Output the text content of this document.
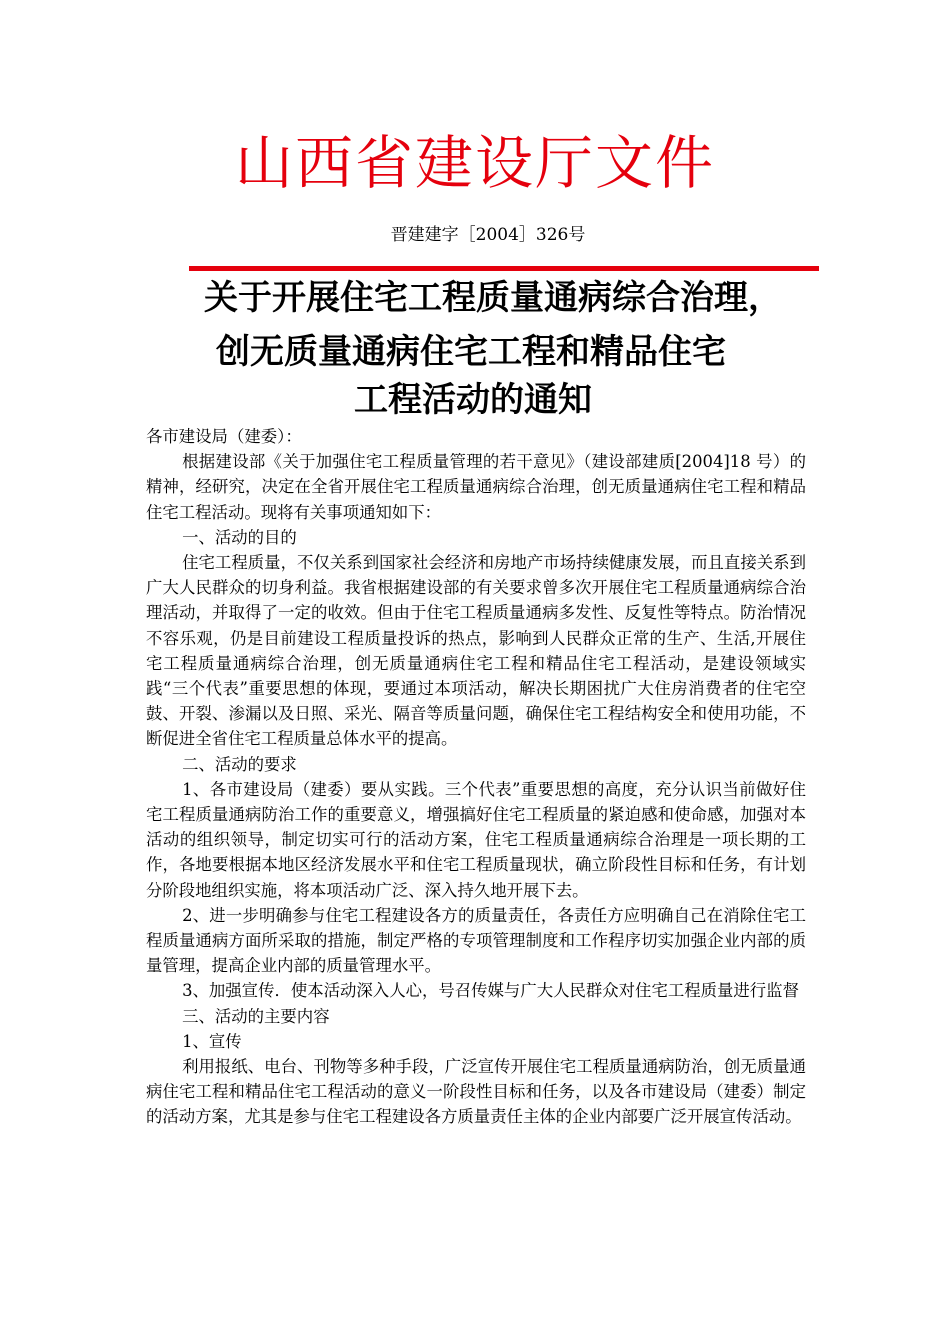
山西省建设厅文件
晋建建字［2004］326号
关于开展住宅工程质量通病综合治理，
创无质量通病住宅工程和精品住宅
工程活动的通知

各市建设局（建委）：

根据建设部《关于加强住宅工程质量管理的若干意见》（建设部建质[2004]18 号）的精神，经研究，决定在全省开展住宅工程质量通病综合治理，创无质量通病住宅工程和精品住宅工程活动。现将有关事项通知如下：

一、活动的目的

住宅工程质量，不仅关系到国家社会经济和房地产市场持续健康发展，而且直接关系到广大人民群众的切身利益。我省根据建设部的有关要求曾多次开展住宅工程质量通病综合治理活动，并取得了一定的收效。但由于住宅工程质量通病多发性、反复性等特点。防治情况不容乐观，仍是目前建设工程质量投诉的热点，影响到人民群众正常的生产、生活,开展住宅工程质量通病综合治理，创无质量通病住宅工程和精品住宅工程活动，是建设领域实践“三个代表”重要思想的体现，要通过本项活动，解决长期困扰广大住房消费者的住宅空鼓、开裂、渗漏以及日照、采光、隔音等质量问题，确保住宅工程结构安全和使用功能，不断促进全省住宅工程质量总体水平的提高。

二、活动的要求

1、各市建设局（建委）要从实践。三个代表”重要思想的高度，充分认识当前做好住宅工程质量通病防治工作的重要意义，增强搞好住宅工程质量的紧迫感和使命感，加强对本活动的组织领导，制定切实可行的活动方案，住宅工程质量通病综合治理是一项长期的工作，各地要根据本地区经济发展水平和住宅工程质量现状，确立阶段性目标和任务，有计划分阶段地组织实施，将本项活动广泛、深入持久地开展下去。

2、进一步明确参与住宅工程建设各方的质量责任，各责任方应明确自己在消除住宅工程质量通病方面所采取的措施，制定严格的专项管理制度和工作程序切实加强企业内部的质量管理，提高企业内部的质量管理水平。

3、加强宣传．使本活动深入人心，号召传媒与广大人民群众对住宅工程质量进行监督

三、活动的主要内容

1、宣传

利用报纸、电台、刊物等多种手段，广泛宣传开展住宅工程质量通病防治，创无质量通病住宅工程和精品住宅工程活动的意义一阶段性目标和任务，以及各市建设局（建委）制定的活动方案，尤其是参与住宅工程建设各方质量责任主体的企业内部要广泛开展宣传活动。
